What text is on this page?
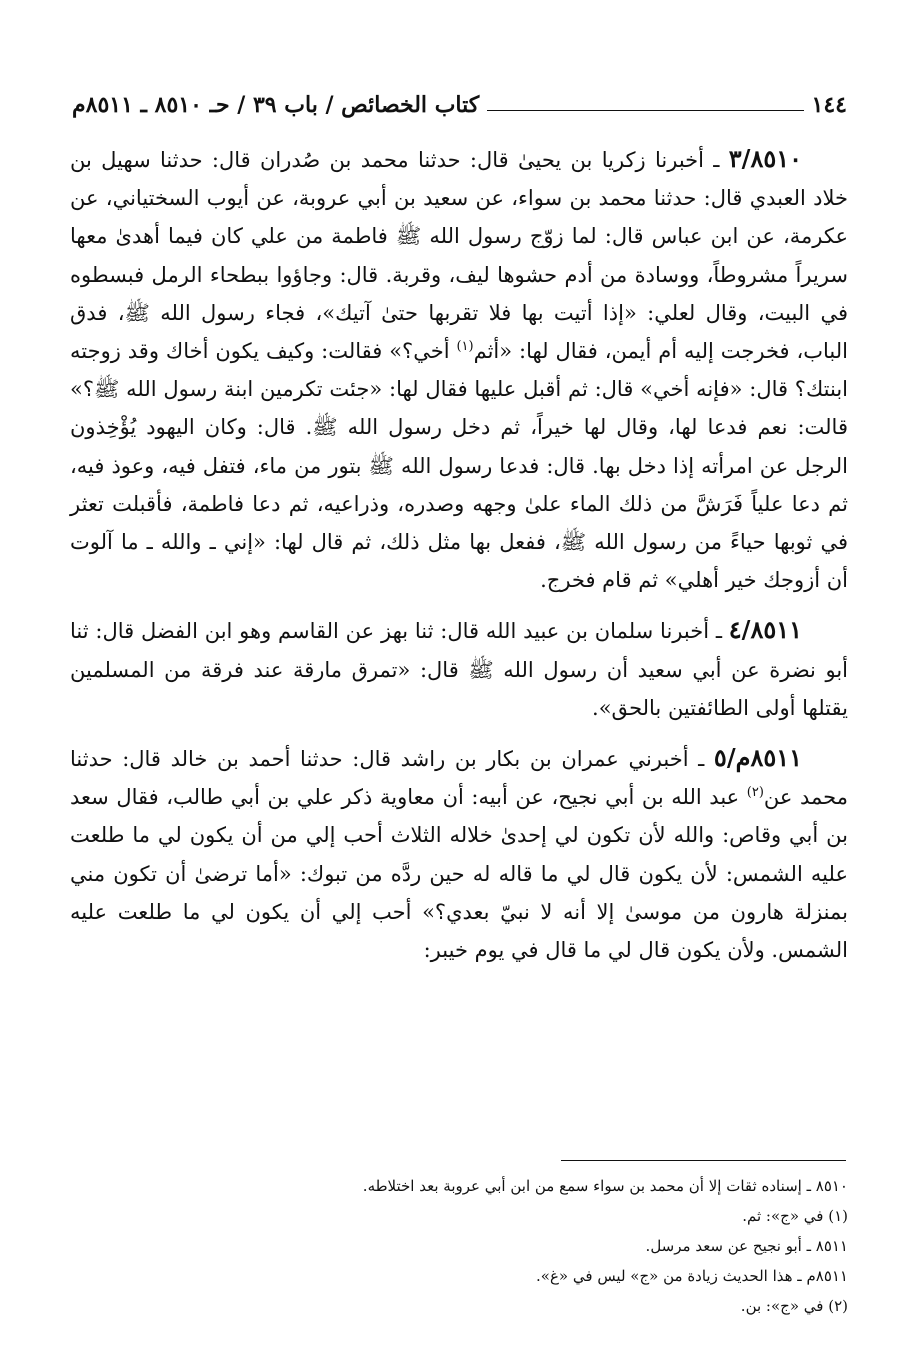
١٤٤
كتاب الخصائص / باب ٣٩ / حـ ٨٥١٠ ـ ٨٥١١م

٣/٨٥١٠ ـ أخبرنا زكريا بن يحيىٰ قال: حدثنا محمد بن صُدران قال: حدثنا سهيل بن خلاد العبدي قال: حدثنا محمد بن سواء، عن سعيد بن أبي عروبة، عن أيوب السختياني، عن عكرمة، عن ابن عباس قال: لما زوّج رسول الله ﷺ فاطمة من علي كان فيما أهدىٰ معها سريراً مشروطاً، ووسادة من أدم حشوها ليف، وقربة. قال: وجاؤوا ببطحاء الرمل فبسطوه في البيت، وقال لعلي: «إذا أتيت بها فلا تقربها حتىٰ آتيك»، فجاء رسول الله ﷺ، فدق الباب، فخرجت إليه أم أيمن، فقال لها: «أثم$^{(١)}$ أخي؟» فقالت: وكيف يكون أخاك وقد زوجته ابنتك؟ قال: «فإنه أخي» قال: ثم أقبل عليها فقال لها: «جئت تكرمين ابنة رسول الله ﷺ؟» قالت: نعم فدعا لها، وقال لها خيراً، ثم دخل رسول الله ﷺ. قال: وكان اليهود يُؤْخِذون الرجل عن امرأته إذا دخل بها. قال: فدعا رسول الله ﷺ بتور من ماء، فتفل فيه، وعوذ فيه، ثم دعا علياً فَرَشَّ من ذلك الماء علىٰ وجهه وصدره، وذراعيه، ثم دعا فاطمة، فأقبلت تعثر في ثوبها حياءً من رسول الله ﷺ، ففعل بها مثل ذلك، ثم قال لها: «إني ـ والله ـ ما آلوت أن أزوجك خير أهلي» ثم قام فخرج.

٤/٨٥١١ ـ أخبرنا سلمان بن عبيد الله قال: ثنا بهز عن القاسم وهو ابن الفضل قال: ثنا أبو نضرة عن أبي سعيد أن رسول الله ﷺ قال: «تمرق مارقة عند فرقة من المسلمين يقتلها أولى الطائفتين بالحق».

٨٥١١م/٥ ـ أخبرني عمران بن بكار بن راشد قال: حدثنا أحمد بن خالد قال: حدثنا محمد عن$^{(٢)}$ عبد الله بن أبي نجيح، عن أبيه: أن معاوية ذكر علي بن أبي طالب، فقال سعد بن أبي وقاص: والله لأن تكون لي إحدىٰ خلاله الثلاث أحب إلي من أن يكون لي ما طلعت عليه الشمس: لأن يكون قال لي ما قاله له حين ردَّه من تبوك: «أما ترضىٰ أن تكون مني بمنزلة هارون من موسىٰ إلا أنه لا نبيّ بعدي؟» أحب إلي أن يكون لي ما طلعت عليه الشمس. ولأن يكون قال لي ما قال في يوم خيبر:

٨٥١٠ ـ إسناده ثقات إلا أن محمد بن سواء سمع من ابن أبي عروبة بعد اختلاطه.

(١) في «ج»: ثم.

٨٥١١ ـ أبو نجيح عن سعد مرسل.

٨٥١١م ـ هذا الحديث زيادة من «ج» ليس في «غ».

(٢) في «ج»: بن.
